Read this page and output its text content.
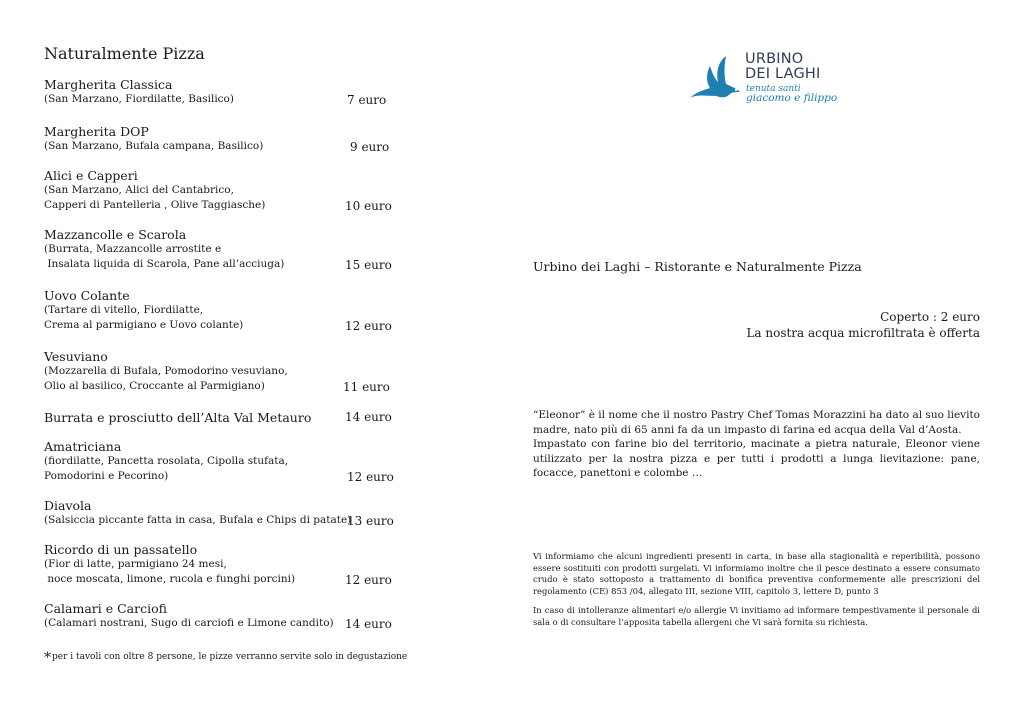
Naturalmente Pizza
Margherita Classica
(San Marzano, Fiordilatte, Basilico)	7 euro
Margherita DOP
(San Marzano, Bufala campana, Basilico)	9 euro
Alici e Capperi
(San Marzano, Alici del Cantabrico,
Capperi di Pantelleria , Olive Taggiasche)	10 euro
Mazzancolle e Scarola
(Burrata, Mazzancolle arrostite e
Insalata liquida di Scarola, Pane all’acciuga)	15 euro
Uovo Colante
(Tartare di vitello, Fiordilatte,
Crema al parmigiano e Uovo colante)	12 euro
Vesuviano
(Mozzarella di Bufala, Pomodorino vesuviano,
Olio al basilico, Croccante al Parmigiano)	11 euro
Burrata e prosciutto dell’Alta Val Metauro	14 euro
Amatriciana
(fiordilatte, Pancetta rosolata, Cipolla stufata,
Pomodorini e Pecorino)	12 euro
Diavola
(Salsiccia piccante fatta in casa, Bufala e Chips di patate)
13 euro
Ricordo di un passatello
(Fior di latte, parmigiano 24 mesi,
noce moscata, limone, rucola e funghi porcini)	12 euro
Calamari e Carciofi
(Calamari nostrani, Sugo di carciofi e Limone candito) 14 euro
*per i tavoli con oltre 8 persone, le pizze verranno servite solo in degustazione
URBINO
DEI LAGHI
tenuta santi
giacomo e filippo
Urbino dei Laghi – Ristorante e Naturalmente Pizza
Coperto : 2 euro
La nostra acqua microfiltrata è offerta

“Eleonor” è il nome che il nostro Pastry Chef Tomas Morazzini ha dato al suo lievito madre, nato più di 65 anni fa da un impasto di farina ed acqua della Val d’Aosta.

Impastato con farine bio del territorio, macinate a pietra naturale, Eleonor viene utilizzato per la nostra pizza e per tutti i prodotti a lunga lievitazione: pane, focacce, panettoni e colombe …

Vi informiamo che alcuni ingredienti presenti in carta, in base alla stagionalità e reperibilità, possono essere sostituiti con prodotti surgelati. Vi informiamo inoltre che il pesce destinato a essere consumato crudo è stato sottoposto a trattamento di bonifica preventiva conformemente alle prescrizioni del regolamento (CE) 853 /04, allegato III, sezione VIII, capitolo 3, lettere D, punto 3

In caso di intolleranze alimentari e/o allergie Vi invitiamo ad informare tempestivamente il personale di sala o di consultare l’apposita tabella allergeni che Vi sarà fornita su richiesta.
